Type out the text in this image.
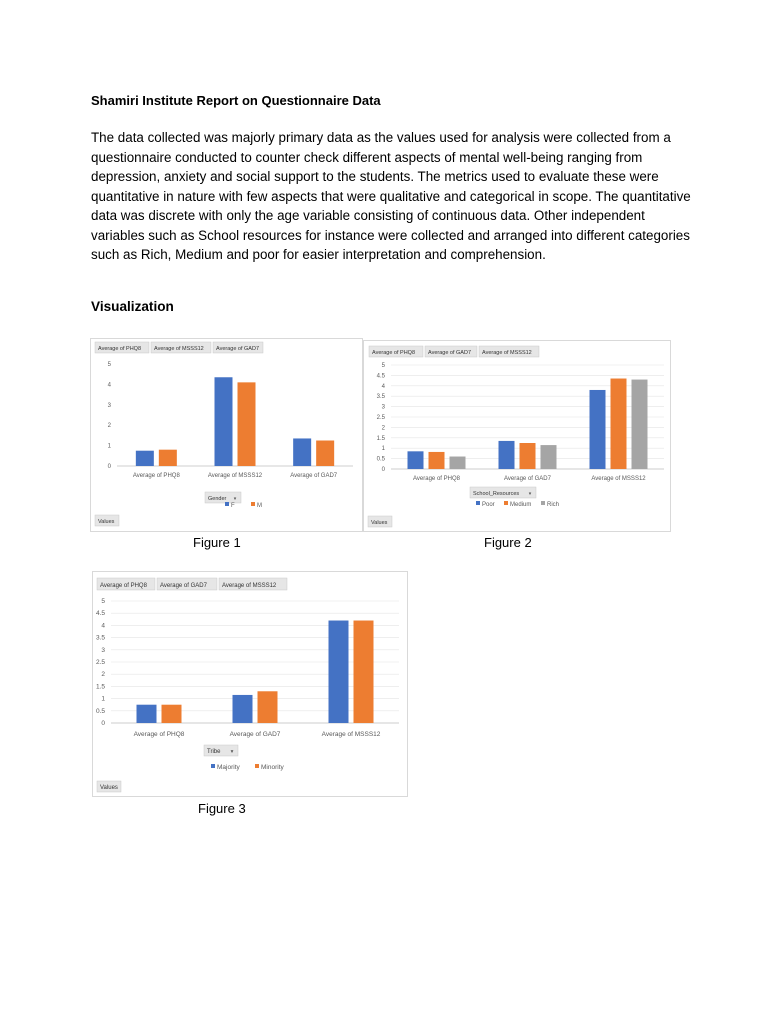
Shamiri Institute Report on Questionnaire Data

The data collected was majorly primary data as the values used for analysis were collected from a questionnaire conducted to counter check different aspects of mental well-being ranging from depression, anxiety and social support to the students. The metrics used to evaluate these were quantitative in nature with few aspects that were qualitative and categorical in scope. The quantitative data was discrete with only the age variable consisting of continuous data. Other independent variables such as School resources for instance were collected and arranged into different categories such as Rich, Medium and poor for easier interpretation and comprehension.

Visualization
Average of PHQ8 Average of MSSS12 Average of GAD7
0
1
2
3
4
5
Average of PHQ8	Average of MSSS12	Average of GAD7
Gender ▾
F	M
Values
Average of PHQ8 Average of GAD7 Average of MSSS12
0
0.5
1
1.5
2
2.5
3
3.5
4
4.5
5
Average of PHQ8	Average of GAD7	Average of MSSS12
School_Resources ▾
Poor	Medium	Rich
Values
Average of PHQ8 Average of GAD7	Average of MSSS12
0
0.5
1
1.5
2
2.5
3
3.5
4
4.5
5
Average of PHQ8	Average of GAD7	Average of MSSS12
Tribe ▾
Majority	Minority
Values
Figure 1	Figure 2
Figure 3
